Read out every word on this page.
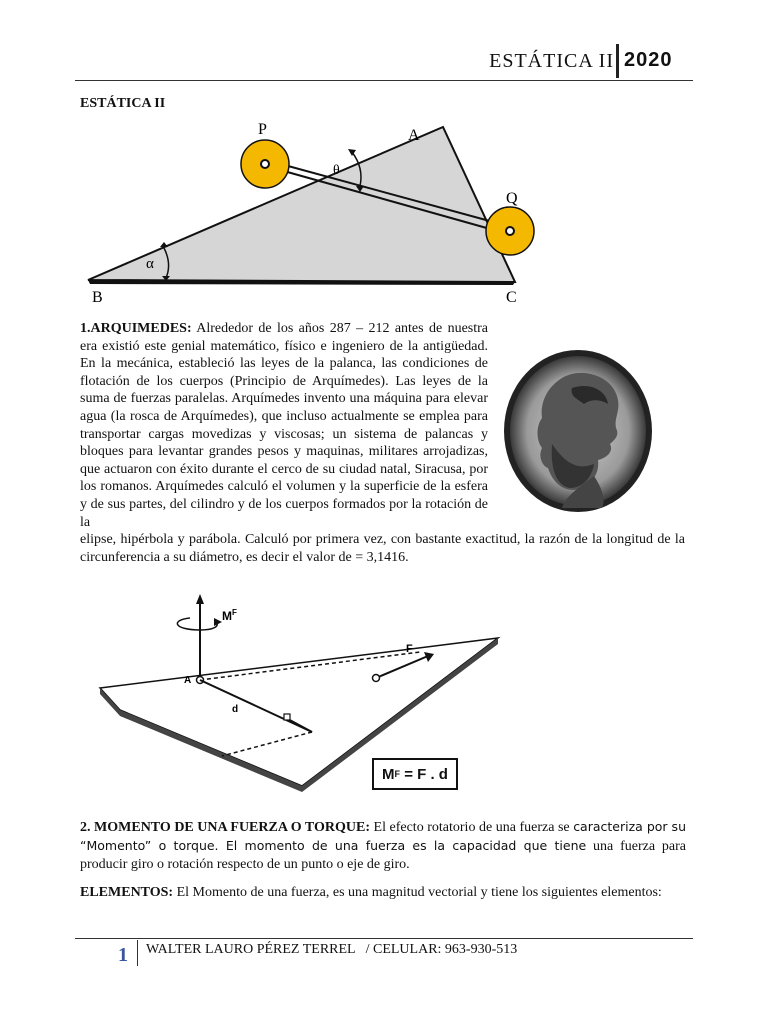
ESTÁTICA II 2020
ESTÁTICA II
P	A
Q
B	C
θ
α
1.ARQUIMEDES: Alrededor de los años 287 – 212 antes de nuestra era existió este genial matemático, físico e ingeniero de la antigüedad. En la mecánica, estableció las leyes de la palanca, las condiciones de flotación de los cuerpos (Principio de Arquímedes). Las leyes de la suma de fuerzas paralelas. Arquímedes invento una máquina para elevar agua (la rosca de Arquímedes), que incluso actualmente se emplea para transportar cargas movedizas y viscosas; un sistema de palancas y bloques para levantar grandes pesos y maquinas, militares arrojadizas, que actuaron con éxito durante el cerco de su ciudad natal, Siracusa, por los romanos. Arquímedes calculó el volumen y la superficie de la esfera y de sus partes, del cilindro y de los cuerpos formados por la rotación de la
elipse, hipérbola y parábola. Calculó por primera vez, con bastante exactitud, la razón de la longitud de la circunferencia a su diámetro, es decir el valor de = 3,1416.
$M^F$
F
A
d
M F = F . d
2. MOMENTO DE UNA FUERZA O TORQUE: El efecto rotatorio de una fuerza se caracteriza por su “Momento” o torque. El momento de una fuerza es la capacidad que tiene una fuerza para producir giro o rotación respecto de un punto o eje de giro.
ELEMENTOS: El Momento de una fuerza, es una magnitud vectorial y tiene los siguientes elementos:
1 WALTER LAURO PÉREZ TERREL   / CELULAR: 963-930-513
